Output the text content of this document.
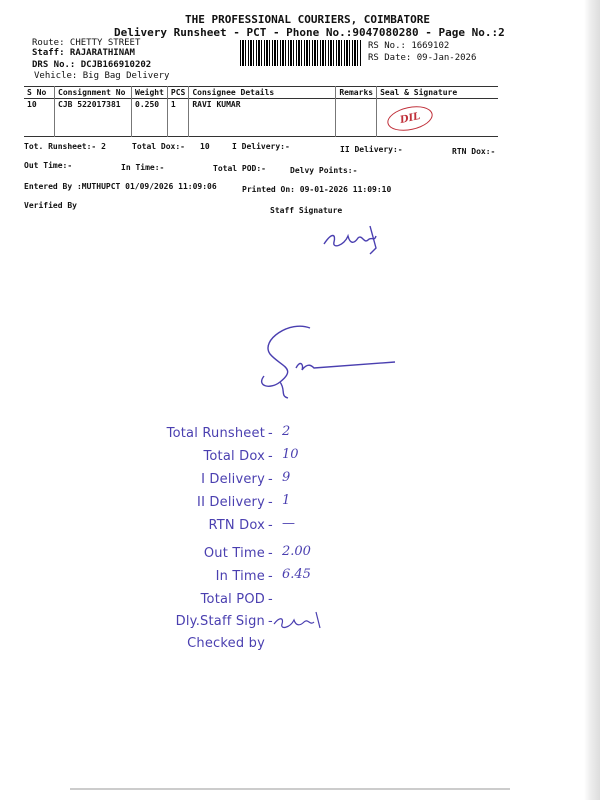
THE PROFESSIONAL COURIERS, COIMBATORE
Delivery Runsheet - PCT - Phone No.:9047080280 - Page No.:2
Route: CHETTY STREET
Staff: RAJARATHINAM
DRS No.: DCJB166910202
Vehicle: Big Bag Delivery
RS No.: 1669102
RS Date: 09-Jan-2026
S No	Consignment No	Weight	PCS	Consignee Details	Remarks	Seal & Signature
10	CJB 522017381	0.250	1	RAVI KUMAR		DIL
Tot. Runsheet:- 2	Total Dox:- 10	I Delivery:-	II Delivery:-	RTN Dox:-
Out Time:-	In Time:-	Total POD:-	Delvy Points:-
Entered By :MUTHUPCT 01/09/2026 11:09:06	Printed On: 09-01-2026 11:09:10
Verified By
Staff Signature
Total Runsheet - 2
Total Dox - 10
I Delivery - 9
II Delivery - 1
RTN Dox - —
Out Time - 2.00
In Time - 6.45
Total POD -
Dly.Staff Sign -
Checked by
